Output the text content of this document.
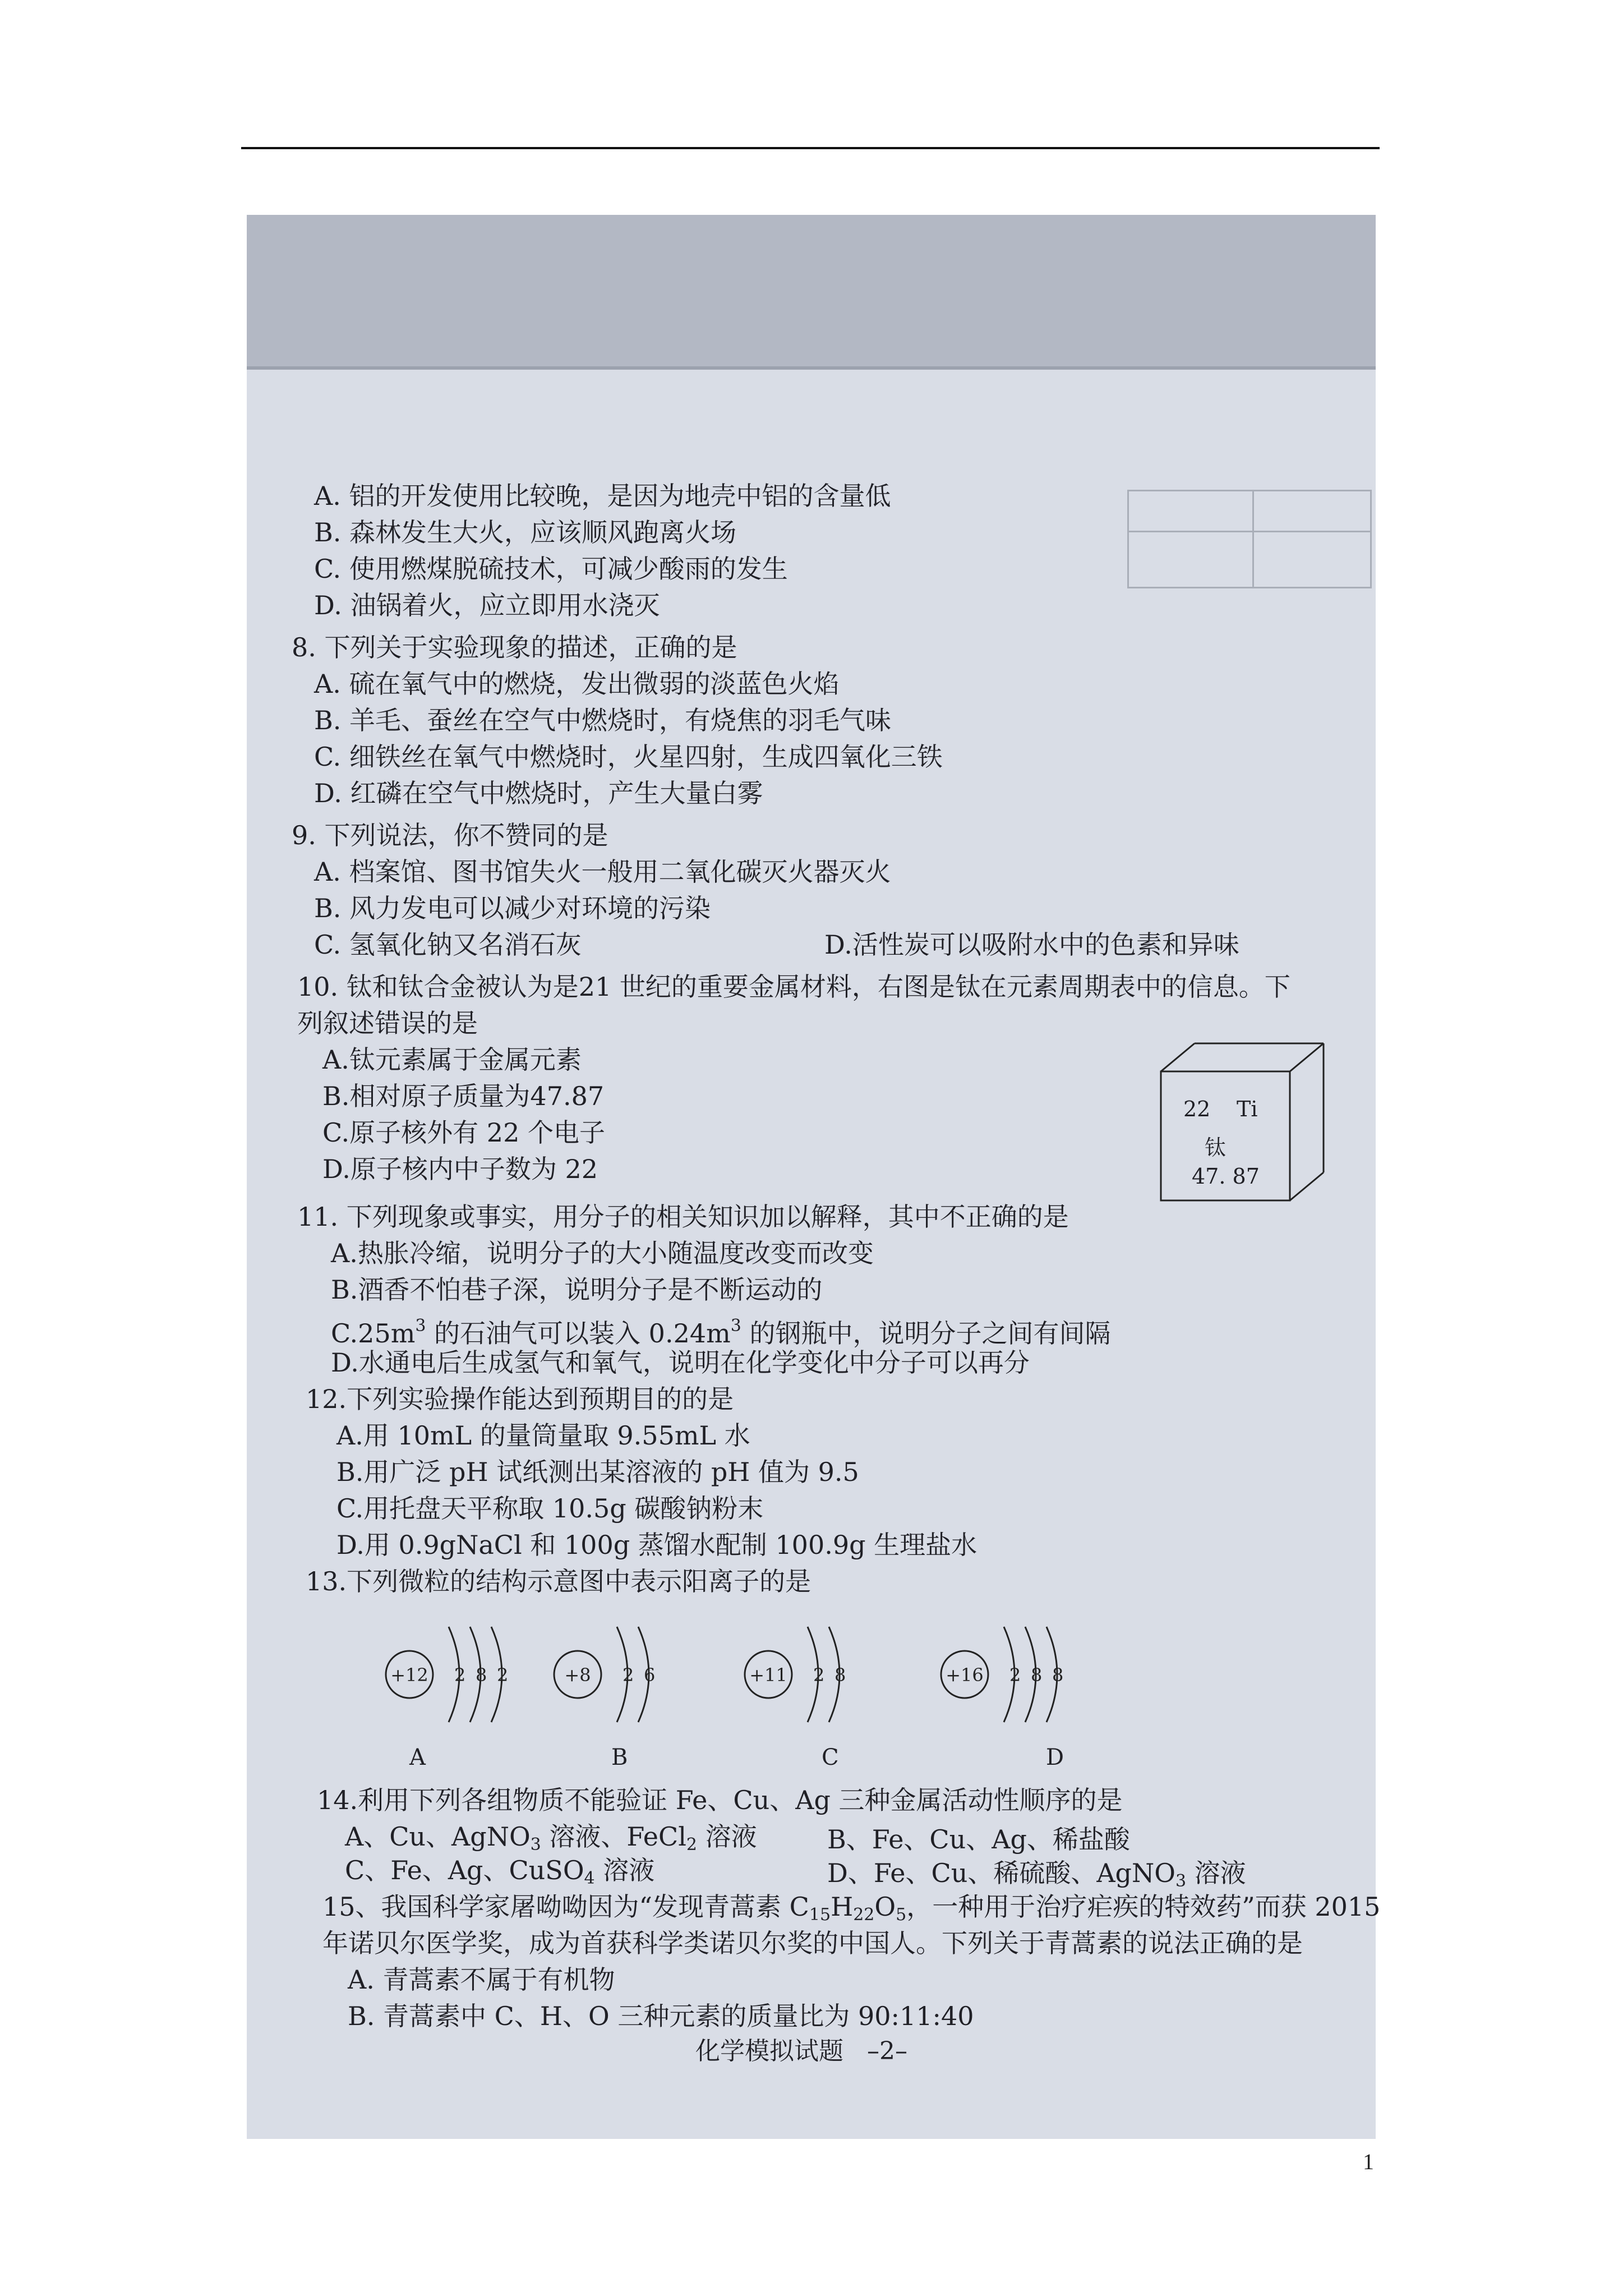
A. 铝的开发使用比较晚，是因为地壳中铝的含量低
B. 森林发生大火，应该顺风跑离火场
C. 使用燃煤脱硫技术，可减少酸雨的发生
D. 油锅着火，应立即用水浇灭
8. 下列关于实验现象的描述，正确的是
A. 硫在氧气中的燃烧，发出微弱的淡蓝色火焰
B. 羊毛、蚕丝在空气中燃烧时，有烧焦的羽毛气味
C. 细铁丝在氧气中燃烧时，火星四射，生成四氧化三铁
D. 红磷在空气中燃烧时，产生大量白雾
9. 下列说法，你不赞同的是
A. 档案馆、图书馆失火一般用二氧化碳灭火器灭火
B. 风力发电可以减少对环境的污染
C. 氢氧化钠又名消石灰	D.活性炭可以吸附水中的色素和异味
10. 钛和钛合金被认为是21 世纪的重要金属材料，右图是钛在元素周期表中的信息。下
列叙述错误的是
A.钛元素属于金属元素
B.相对原子质量为47.87
C.原子核外有 22 个电子
D.原子核内中子数为 22
22 Ti
钛
47. 87
11. 下列现象或事实，用分子的相关知识加以解释，其中不正确的是
A.热胀冷缩，说明分子的大小随温度改变而改变
B.酒香不怕巷子深，说明分子是不断运动的
$C.25m^3$ 的石油气可以装入 $0.24m^3$ 的钢瓶中，说明分子之间有间隔
D.水通电后生成氢气和氧气，说明在化学变化中分子可以再分
12.下列实验操作能达到预期目的的是
A.用 10mL 的量筒量取 9.55mL 水
B.用广泛 pH 试纸测出某溶液的 pH 值为 9.5
C.用托盘天平称取 10.5g 碳酸钠粉末
D.用 0.9gNaCl 和 100g 蒸馏水配制 100.9g 生理盐水
13.下列微粒的结构示意图中表示阳离子的是
+12 2 8 2	+8 2 6	+11 2 8	+16 2 8 8
A	B	C	D
14.利用下列各组物质不能验证 Fe、Cu、Ag 三种金属活动性顺序的是
A、Cu、AgNO$_3$ 溶液、FeCl$_2$ 溶液	B、Fe、Cu、Ag、稀盐酸
C、Fe、Ag、CuSO$_4$ 溶液	D、Fe、Cu、稀硫酸、AgNO$_3$ 溶液
15、我国科学家屠呦呦因为“发现青蒿素 $C_{15}H_{22}O_5$，一种用于治疗疟疾的特效药”而获 2015
年诺贝尔医学奖，成为首获科学类诺贝尔奖的中国人。下列关于青蒿素的说法正确的是
A. 青蒿素不属于有机物
B. 青蒿素中 C、H、O 三种元素的质量比为 90:11:40
化学模拟试题 –2–
1
